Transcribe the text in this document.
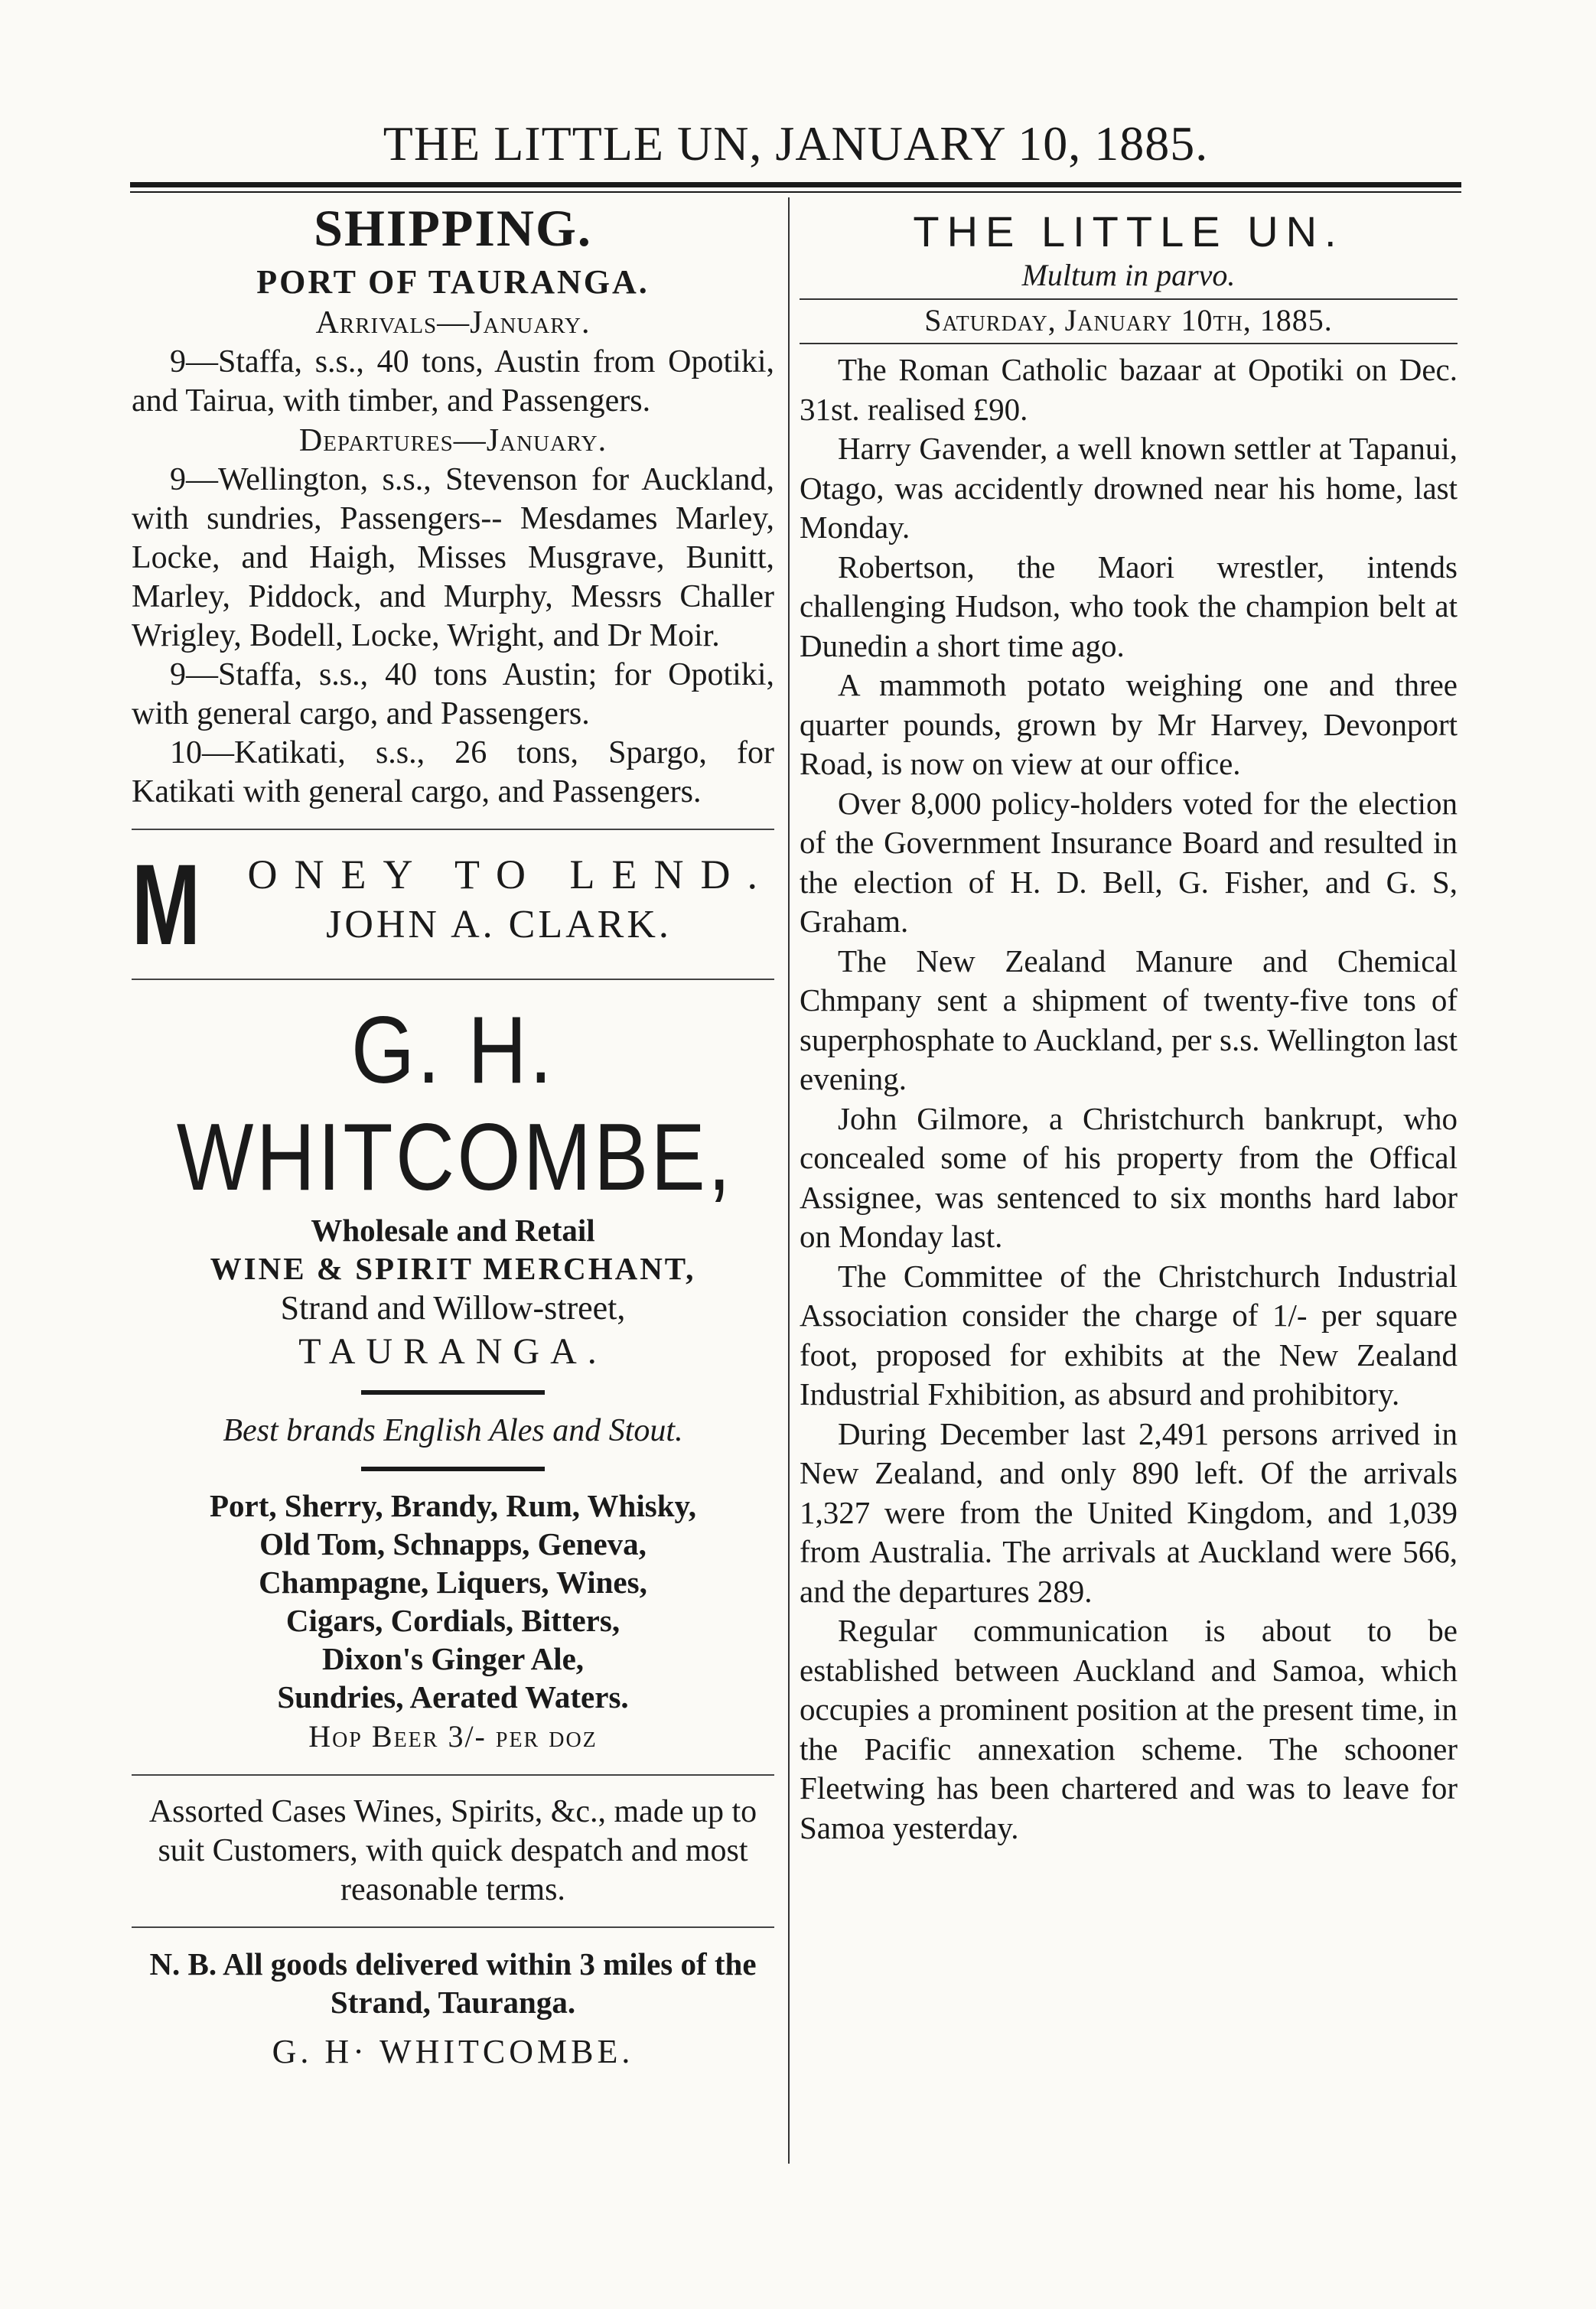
THE LITTLE UN, JANUARY 10, 1885.

SHIPPING.

PORT OF TAURANGA.

Arrivals—January.

9—Staffa, s.s., 40 tons, Austin from Opotiki, and Tairua, with timber, and Passengers.

Departures—January.

9—Wellington, s.s., Stevenson for Auckland, with sundries, Passengers-- Mesdames Marley, Locke, and Haigh, Misses Musgrave, Bunitt, Marley, Piddock, and Murphy, Messrs Challer Wrigley, Bodell, Locke, Wright, and Dr Moir.

9—Staffa, s.s., 40 tons Austin; for Opotiki, with general cargo, and Passengers.

10—Katikati, s.s., 26 tons, Spargo, for Katikati with general cargo, and Passengers.

M	ONEY TO LEND.
JOHN A. CLARK.

G. H. WHITCOMBE,

Wholesale and Retail

WINE & SPIRIT MERCHANT,

Strand and Willow-street,

TAURANGA.

Best brands English Ales and Stout.

Port, Sherry, Brandy, Rum, Whisky,

Old Tom, Schnapps, Geneva,

Champagne, Liquers, Wines,

Cigars, Cordials, Bitters,

Dixon's Ginger Ale,

Sundries, Aerated Waters.

Hop Beer 3/- per doz

Assorted Cases Wines, Spirits, &c., made up to suit Customers, with quick despatch and most reasonable terms.

N. B. All goods delivered within 3 miles of the Strand, Tauranga.

G. H· WHITCOMBE.

THE LITTLE UN.

Multum in parvo.

Saturday, January 10th, 1885.

The Roman Catholic bazaar at Opotiki on Dec. 31st. realised £90.

Harry Gavender, a well known settler at Tapanui, Otago, was accidently drowned near his home, last Monday.

Robertson, the Maori wrestler, intends challenging Hudson, who took the champion belt at Dunedin a short time ago.

A mammoth potato weighing one and three quarter pounds, grown by Mr Harvey, Devonport Road, is now on view at our office.

Over 8,000 policy-holders voted for the election of the Government Insurance Board and resulted in the election of H. D. Bell, G. Fisher, and G. S, Graham.

The New Zealand Manure and Chemical Chmpany sent a shipment of twenty-five tons of superphosphate to Auckland, per s.s. Wellington last evening.

John Gilmore, a Christchurch bankrupt, who concealed some of his property from the Offical Assignee, was sentenced to six months hard labor on Monday last.

The Committee of the Christchurch Industrial Association consider the charge of 1/- per square foot, proposed for exhibits at the New Zealand Industrial Fxhibition, as absurd and prohibitory.

During December last 2,491 persons arrived in New Zealand, and only 890 left. Of the arrivals 1,327 were from the United Kingdom, and 1,039 from Australia. The arrivals at Auckland were 566, and the departures 289.

Regular communication is about to be established between Auckland and Samoa, which occupies a prominent position at the present time, in the Pacific annexation scheme. The schooner Fleetwing has been chartered and was to leave for Samoa yesterday.
